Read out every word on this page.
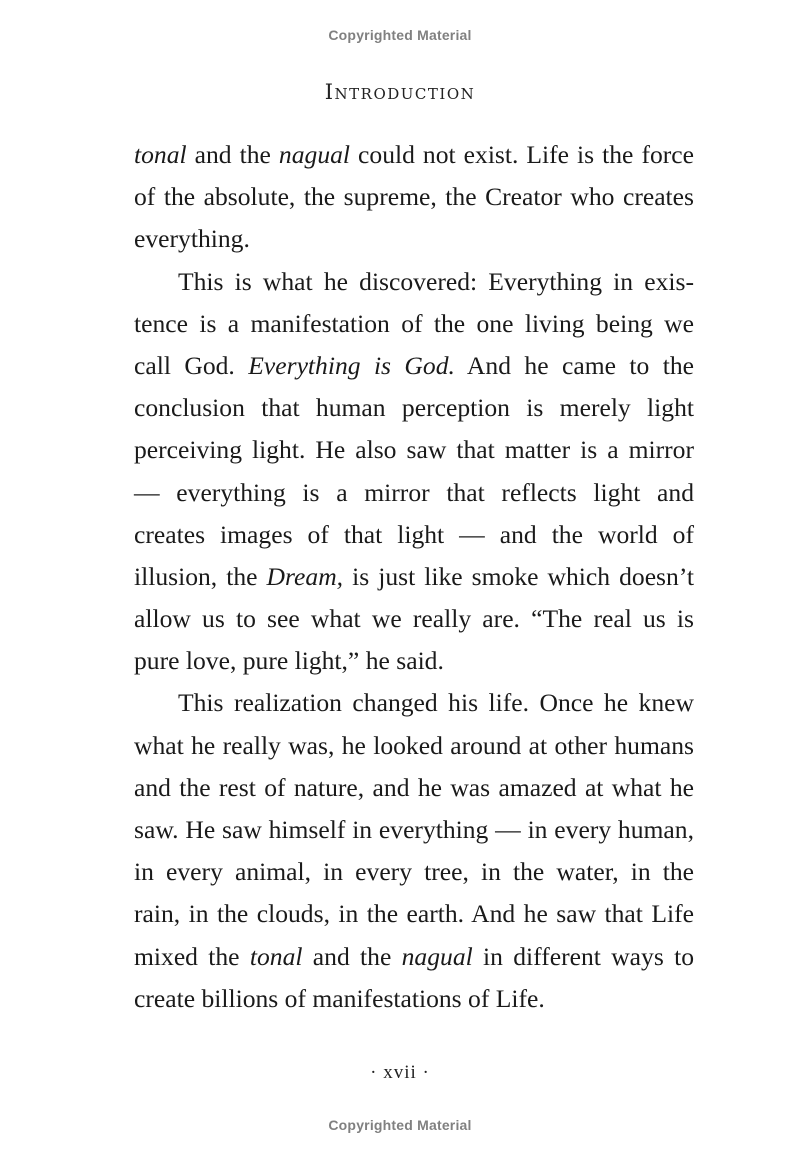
Copyrighted Material
Introduction
tonal and the nagual could not exist. Life is the force
of the absolute, the supreme, the Creator who creates
everything.
This is what he discovered: Everything in exis-
tence is a manifestation of the one living being we
call God. Everything is God. And he came to the
conclusion that human perception is merely light
perceiving light. He also saw that matter is a mirror
— everything is a mirror that reflects light and
creates images of that light — and the world of
illusion, the Dream, is just like smoke which doesn’t
allow us to see what we really are. “The real us is
pure love, pure light,” he said.
This realization changed his life. Once he knew
what he really was, he looked around at other humans
and the rest of nature, and he was amazed at what he
saw. He saw himself in everything — in every human,
in every animal, in every tree, in the water, in the
rain, in the clouds, in the earth. And he saw that Life
mixed the tonal and the nagual in different ways to
create billions of manifestations of Life.
· xvii ·
Copyrighted Material
